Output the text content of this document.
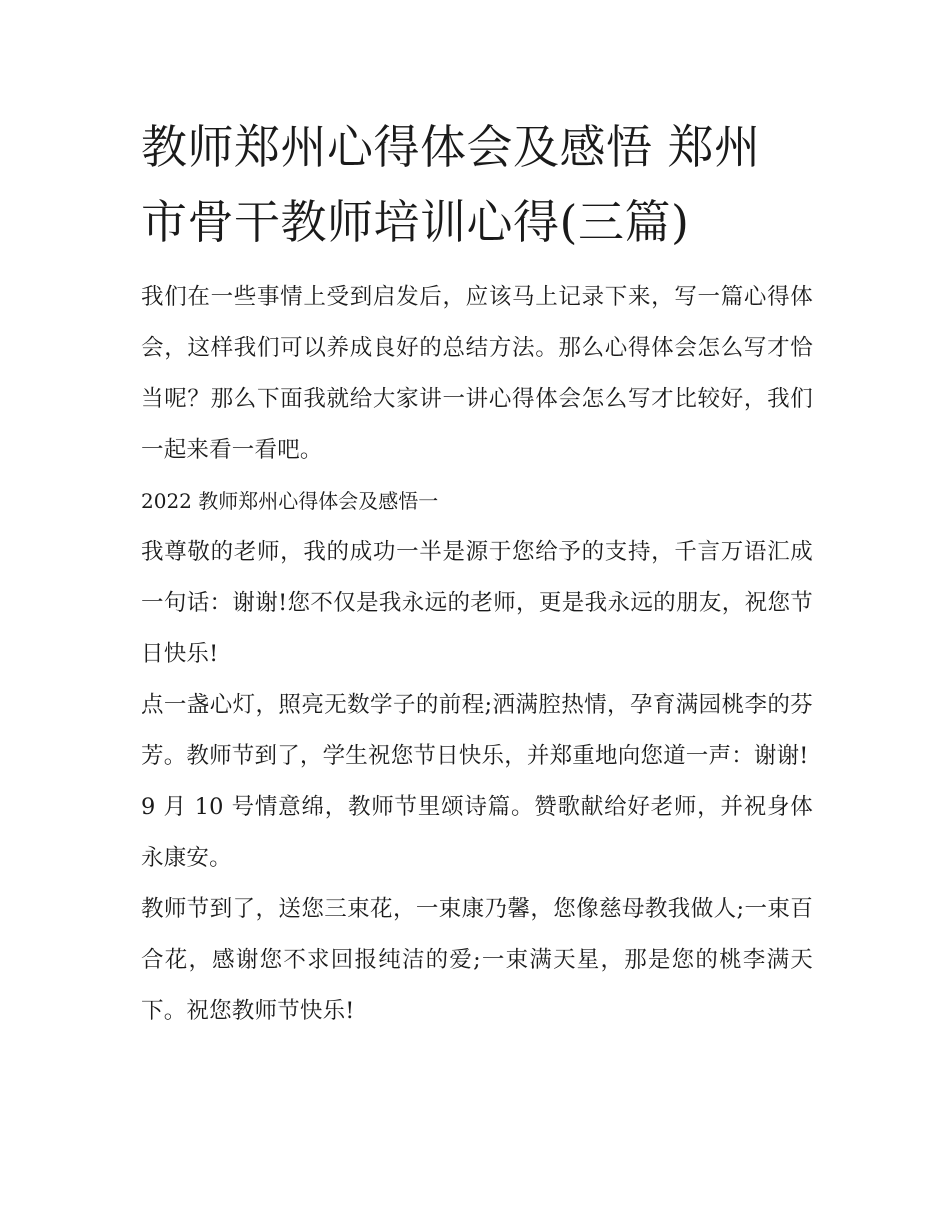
教师郑州心得体会及感悟 郑州
市骨干教师培训心得(三篇)

我们在一些事情上受到启发后，应该马上记录下来，写一篇心得体会，这样我们可以养成良好的总结方法。那么心得体会怎么写才恰当呢？那么下面我就给大家讲一讲心得体会怎么写才比较好，我们一起来看一看吧。

2022 教师郑州心得体会及感悟一

我尊敬的老师，我的成功一半是源于您给予的支持，千言万语汇成一句话：谢谢!您不仅是我永远的老师，更是我永远的朋友，祝您节日快乐!

点一盏心灯，照亮无数学子的前程;洒满腔热情，孕育满园桃李的芬芳。教师节到了，学生祝您节日快乐，并郑重地向您道一声：谢谢!

9 月 10 号情意绵，教师节里颂诗篇。赞歌献给好老师，并祝身体永康安。

教师节到了，送您三束花，一束康乃馨，您像慈母教我做人;一束百合花，感谢您不求回报纯洁的爱;一束满天星，那是您的桃李满天下。祝您教师节快乐!
